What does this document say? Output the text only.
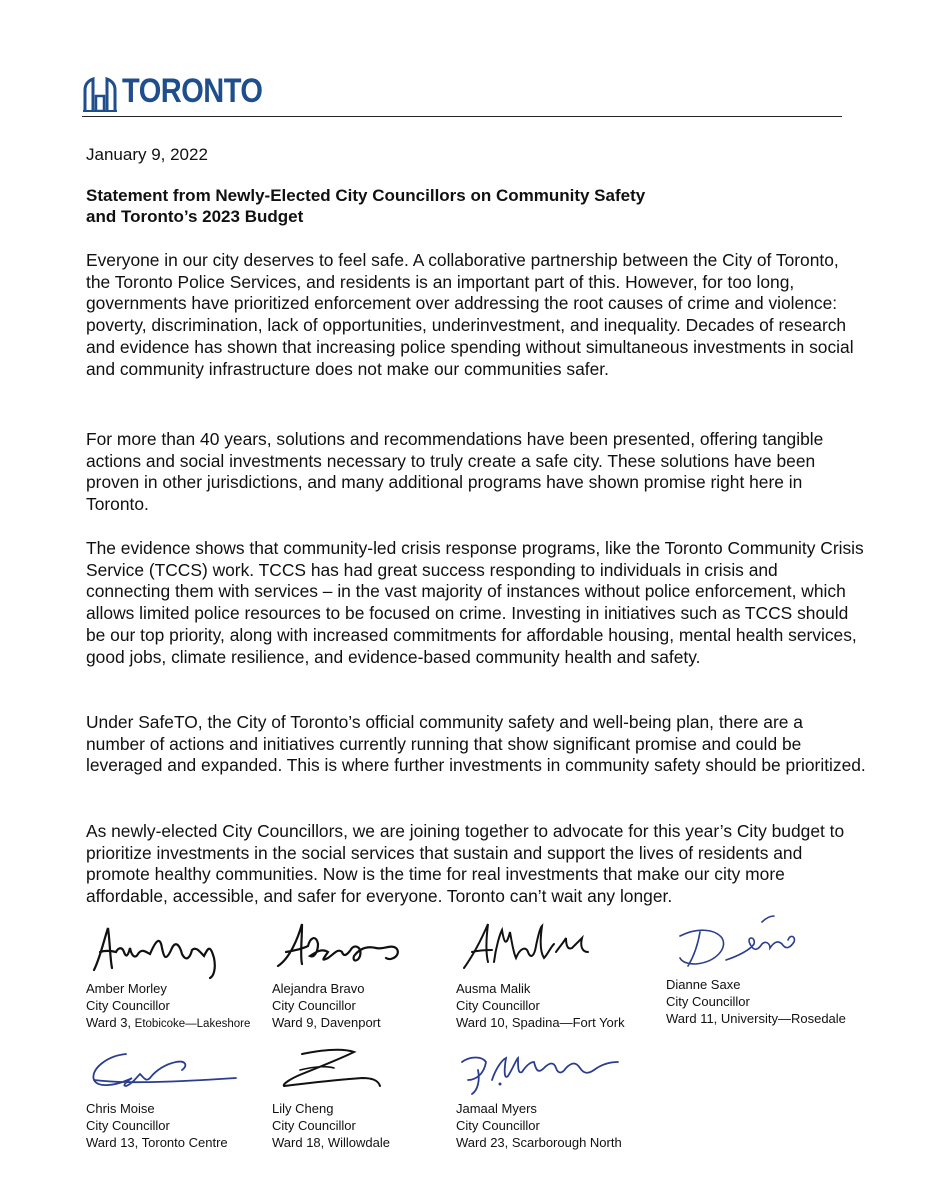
TORONTO
January 9, 2022
Statement from Newly-Elected City Councillors on Community Safety
and Toronto’s 2023 Budget

Everyone in our city deserves to feel safe. A collaborative partnership between the City of Toronto, the Toronto Police Services, and residents is an important part of this. However, for too long, governments have prioritized enforcement over addressing the root causes of crime and violence: poverty, discrimination, lack of opportunities, underinvestment, and inequality. Decades of research and evidence has shown that increasing police spending without simultaneous investments in social and community infrastructure does not make our communities safer.

For more than 40 years, solutions and recommendations have been presented, offering tangible actions and social investments necessary to truly create a safe city. These solutions have been proven in other jurisdictions, and many additional programs have shown promise right here in Toronto.

The evidence shows that community-led crisis response programs, like the Toronto Community Crisis Service (TCCS) work. TCCS has had great success responding to individuals in crisis and connecting them with services – in the vast majority of instances without police enforcement, which allows limited police resources to be focused on crime. Investing in initiatives such as TCCS should be our top priority, along with increased commitments for affordable housing, mental health services, good jobs, climate resilience, and evidence-based community health and safety.

Under SafeTO, the City of Toronto’s official community safety and well-being plan, there are a number of actions and initiatives currently running that show significant promise and could be leveraged and expanded. This is where further investments in community safety should be prioritized.

As newly-elected City Councillors, we are joining together to advocate for this year’s City budget to prioritize investments in the social services that sustain and support the lives of residents and promote healthy communities. Now is the time for real investments that make our city more affordable, accessible, and safer for everyone. Toronto can’t wait any longer.

Amber Morley
City Councillor
Ward 3, Etobicoke—Lakeshore
Alejandra Bravo
City Councillor
Ward 9, Davenport
Ausma Malik
City Councillor
Ward 10, Spadina—Fort York
Dianne Saxe
City Councillor
Ward 11, University—Rosedale
Chris Moise
City Councillor
Ward 13, Toronto Centre
Lily Cheng
City Councillor
Ward 18, Willowdale
Jamaal Myers
City Councillor
Ward 23, Scarborough North
